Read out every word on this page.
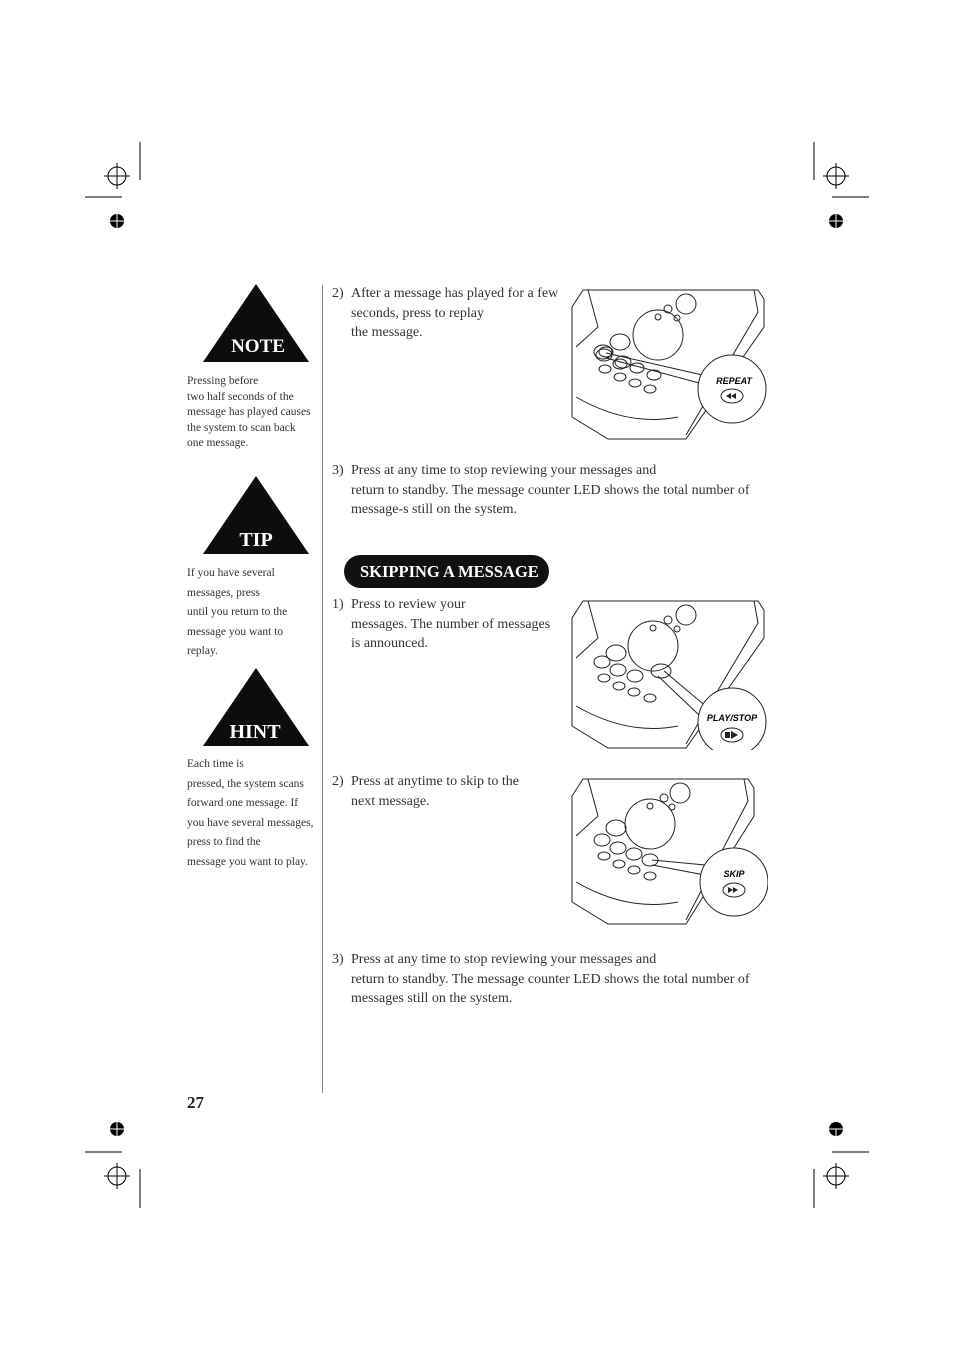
NOTE
Pressing before
two half seconds of the
message has played causes
the system to scan back
one message.
TIP
If you have several
messages, press
until you return to the
message you want to
replay.
HINT
Each time is
pressed, the system scans
forward one message. If
you have several messages,
press to find the
message you want to play.
2) After a message has played for a few
seconds, press to replay
the message.
REPEAT
3) Press at any time to stop reviewing your messages and
return to standby. The message counter LED shows the total number of
message-s still on the system.
SKIPPING A MESSAGE
1) Press to review your
messages. The number of messages
is announced.
PLAY/STOP
2) Press at anytime to skip to the
next message.
SKIP
3) Press at any time to stop reviewing your messages and
return to standby. The message counter LED shows the total number of
messages still on the system.
27
